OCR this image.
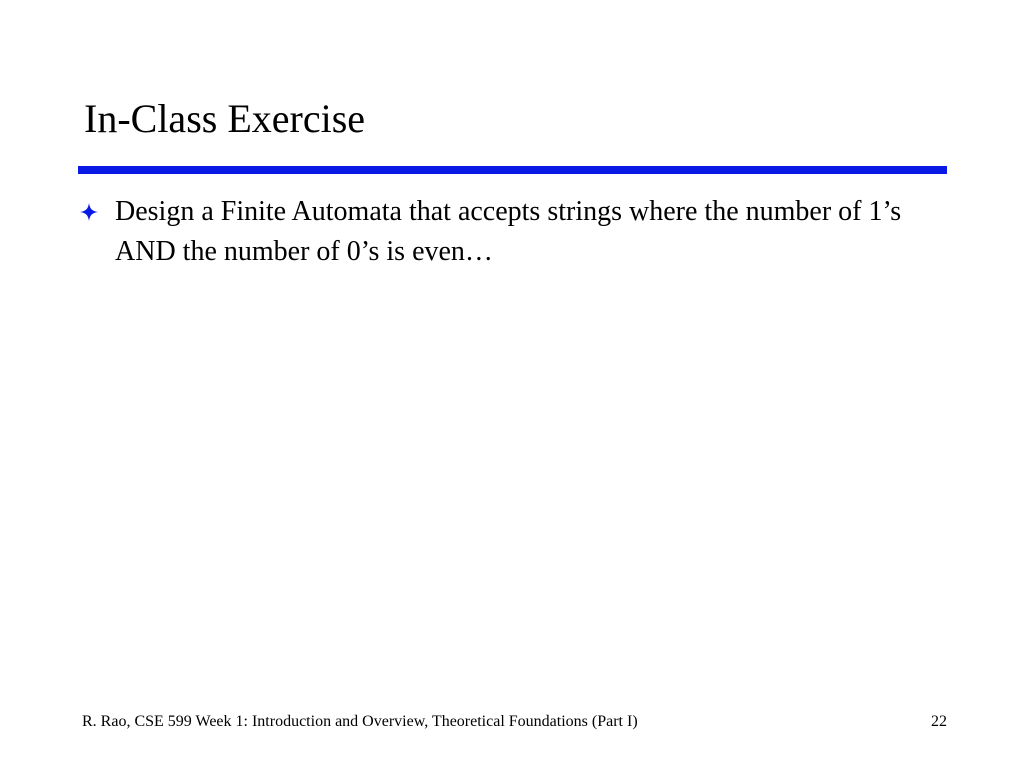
In-Class Exercise
Design a Finite Automata that accepts strings where the number of 1’s AND the number of 0’s is even…
R. Rao, CSE 599 Week 1: Introduction and Overview, Theoretical Foundations (Part I)	22
